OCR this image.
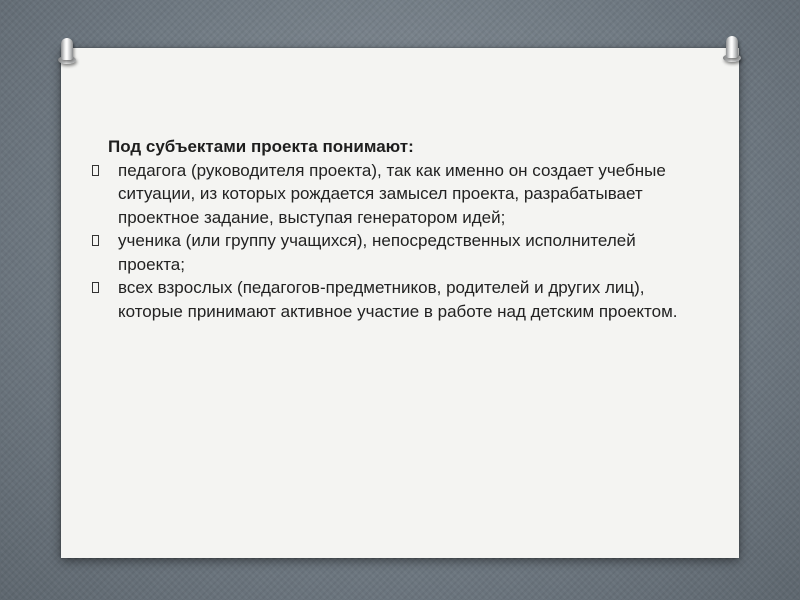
Под субъектами проекта понимают:

педагога (руководителя проекта), так как именно он создает учебные ситуации, из которых рождается замысел проекта, разрабатывает проектное задание, выступая генератором идей;
ученика (или группу учащихся), непосредственных исполнителей проекта;
всех взрослых (педагогов-предметников, родителей и других лиц), которые принимают активное участие в работе над детским проектом.
